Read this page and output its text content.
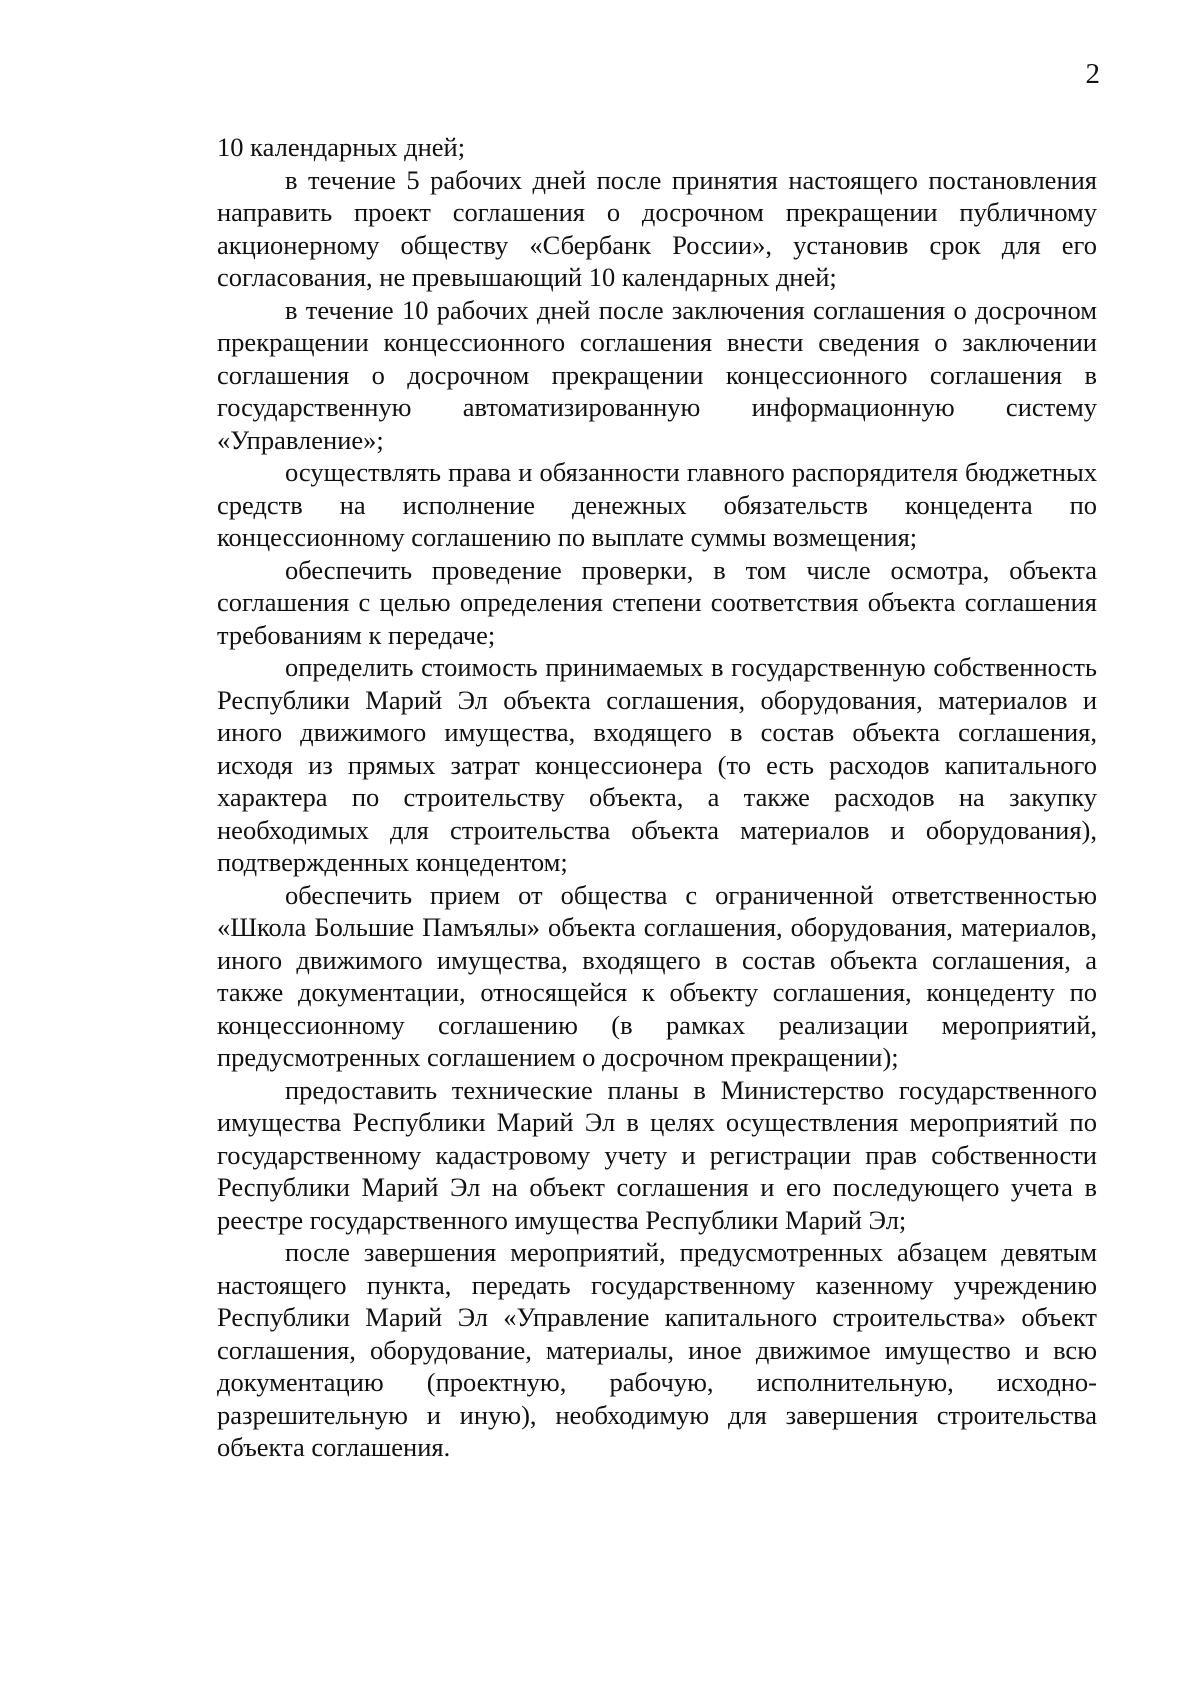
2

10 календарных дней;

в течение 5 рабочих дней после принятия настоящего постановления направить проект соглашения о досрочном прекращении публичному акционерному обществу «Сбербанк России», установив срок для его согласования, не превышающий 10 календарных дней;

в течение 10 рабочих дней после заключения соглашения о досрочном прекращении концессионного соглашения внести сведения о заключении соглашения о досрочном прекращении концессионного соглашения в государственную автоматизированную информационную систему «Управление»;

осуществлять права и обязанности главного распорядителя бюджетных средств на исполнение денежных обязательств концедента по концессионному соглашению по выплате суммы возмещения;

обеспечить проведение проверки, в том числе осмотра, объекта соглашения с целью определения степени соответствия объекта соглашения требованиям к передаче;

определить стоимость принимаемых в государственную собственность Республики Марий Эл объекта соглашения, оборудования, материалов и иного движимого имущества, входящего в состав объекта соглашения, исходя из прямых затрат концессионера (то есть расходов капитального характера по строительству объекта, а также расходов на закупку необходимых для строительства объекта материалов и оборудования), подтвержденных концедентом;

обеспечить прием от общества с ограниченной ответственностью «Школа Большие Памъялы» объекта соглашения, оборудования, материалов, иного движимого имущества, входящего в состав объекта соглашения, а также документации, относящейся к объекту соглашения, концеденту по концессионному соглашению (в рамках реализации мероприятий, предусмотренных соглашением о досрочном прекращении);

предоставить технические планы в Министерство государственного имущества Республики Марий Эл в целях осуществления мероприятий по государственному кадастровому учету и регистрации прав собственности Республики Марий Эл на объект соглашения и его последующего учета в реестре государственного имущества Республики Марий Эл;

после завершения мероприятий, предусмотренных абзацем девятым настоящего пункта, передать государственному казенному учреждению Республики Марий Эл «Управление капитального строительства» объект соглашения, оборудование, материалы, иное движимое имущество и всю документацию (проектную, рабочую, исполнительную, исходно-разрешительную и иную), необходимую для завершения строительства объекта соглашения.
